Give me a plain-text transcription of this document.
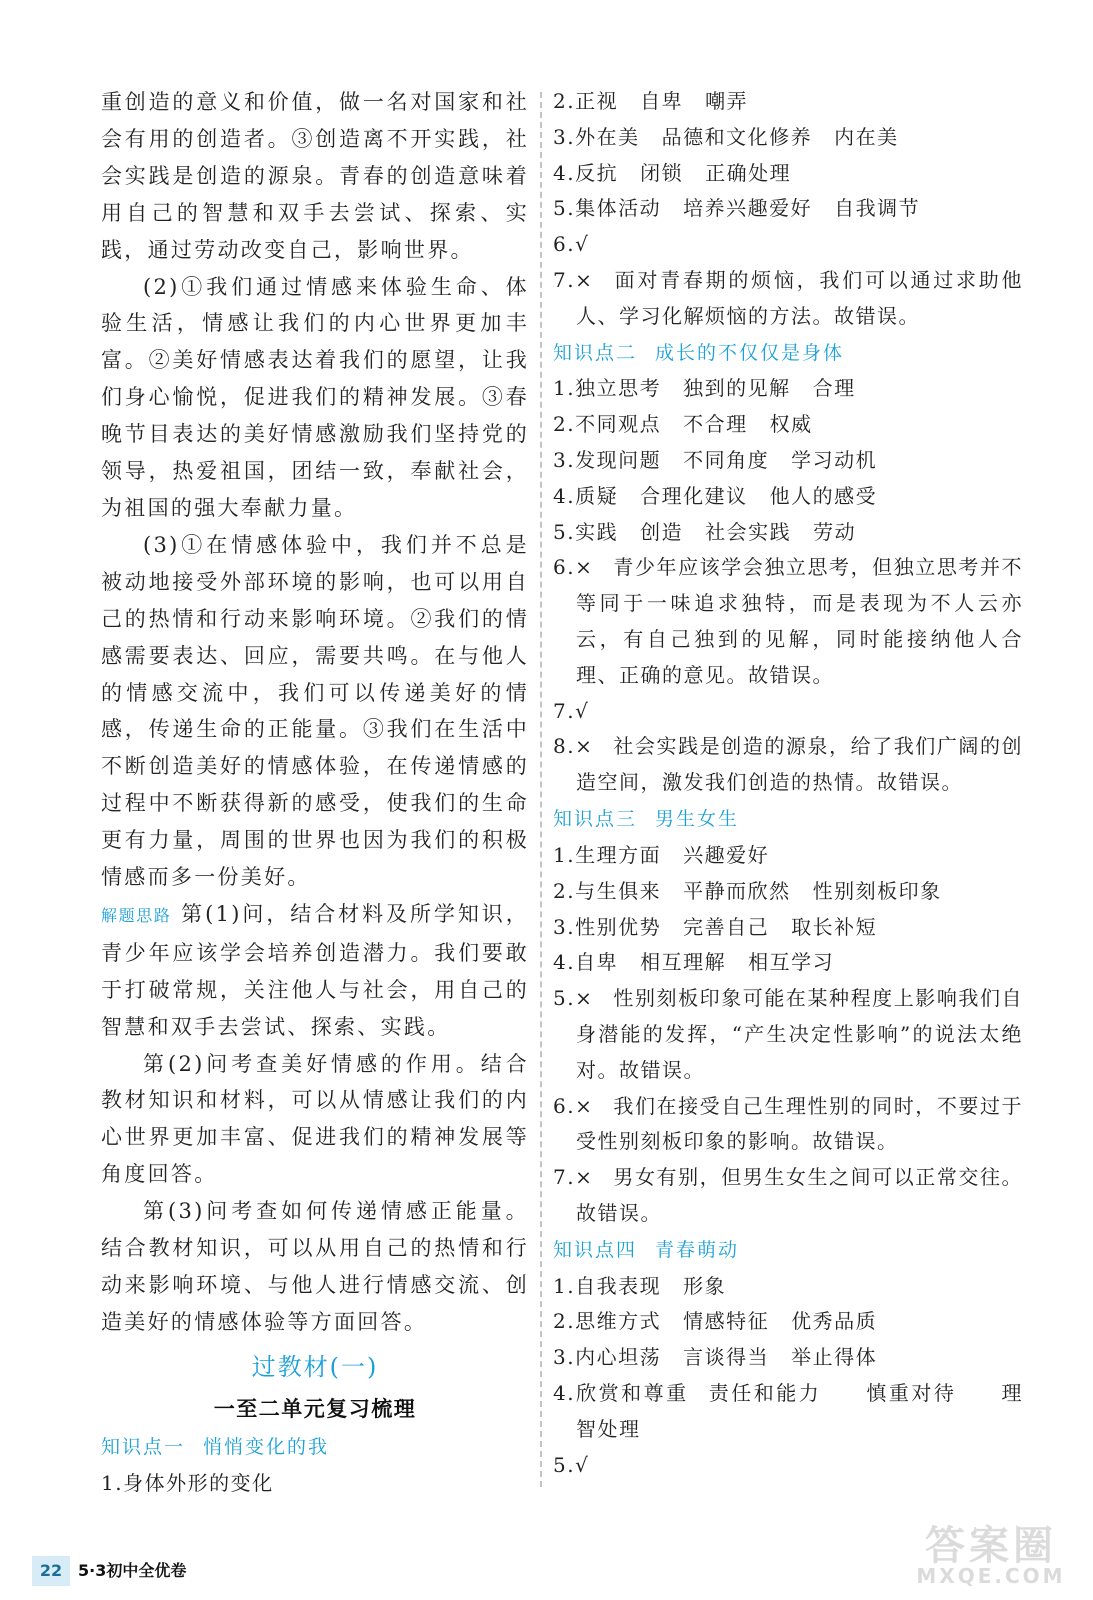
重创造的意义和价值，做一名对国家和社会有用的创造者。③创造离不开实践，社会实践是创造的源泉。青春的创造意味着用自己的智慧和双手去尝试、探索、实践，通过劳动改变自己，影响世界。

(2)①我们通过情感来体验生命、体验生活，情感让我们的内心世界更加丰富。②美好情感表达着我们的愿望，让我们身心愉悦，促进我们的精神发展。③春晚节目表达的美好情感激励我们坚持党的领导，热爱祖国，团结一致，奉献社会，为祖国的强大奉献力量。

(3)①在情感体验中，我们并不总是被动地接受外部环境的影响，也可以用自己的热情和行动来影响环境。②我们的情感需要表达、回应，需要共鸣。在与他人的情感交流中，我们可以传递美好的情感，传递生命的正能量。③我们在生活中不断创造美好的情感体验，在传递情感的过程中不断获得新的感受，使我们的生命更有力量，周围的世界也因为我们的积极情感而多一份美好。

解题思路 第(1)问，结合材料及所学知识，青少年应该学会培养创造潜力。我们要敢于打破常规，关注他人与社会，用自己的智慧和双手去尝试、探索、实践。

第(2)问考查美好情感的作用。结合教材知识和材料，可以从情感让我们的内心世界更加丰富、促进我们的精神发展等角度回答。

第(3)问考查如何传递情感正能量。结合教材知识，可以从用自己的热情和行动来影响环境、与他人进行情感交流、创造美好的情感体验等方面回答。

过教材(一)
一至二单元复习梳理

知识点一 悄悄变化的我

1.身体外形的变化

2.正视 自卑 嘲弄

3.外在美 品德和文化修养 内在美

4.反抗 闭锁 正确处理

5.集体活动 培养兴趣爱好 自我调节

6.√

7.× 面对青春期的烦恼，我们可以通过求助他人、学习化解烦恼的方法。故错误。

知识点二 成长的不仅仅是身体

1.独立思考 独到的见解 合理

2.不同观点 不合理 权威

3.发现问题 不同角度 学习动机

4.质疑 合理化建议 他人的感受

5.实践 创造 社会实践 劳动

6.× 青少年应该学会独立思考，但独立思考并不等同于一味追求独特，而是表现为不人云亦云，有自己独到的见解，同时能接纳他人合理、正确的意见。故错误。

7.√

8.× 社会实践是创造的源泉，给了我们广阔的创造空间，激发我们创造的热情。故错误。

知识点三 男生女生

1.生理方面 兴趣爱好

2.与生俱来 平静而欣然 性别刻板印象

3.性别优势 完善自己 取长补短

4.自卑 相互理解 相互学习

5.× 性别刻板印象可能在某种程度上影响我们自身潜能的发挥，“产生决定性影响”的说法太绝对。故错误。

6.× 我们在接受自己生理性别的同时，不要过于受性别刻板印象的影响。故错误。

7.× 男女有别，但男生女生之间可以正常交往。故错误。

知识点四 青春萌动

1.自我表现 形象

2.思维方式 情感特征 优秀品质

3.内心坦荡 言谈得当 举止得体

4.欣赏和尊重 责任和能力　　慎重对待　　理智处理

5.√

22 5·3初中全优卷
答案圈
MXQE.COM
